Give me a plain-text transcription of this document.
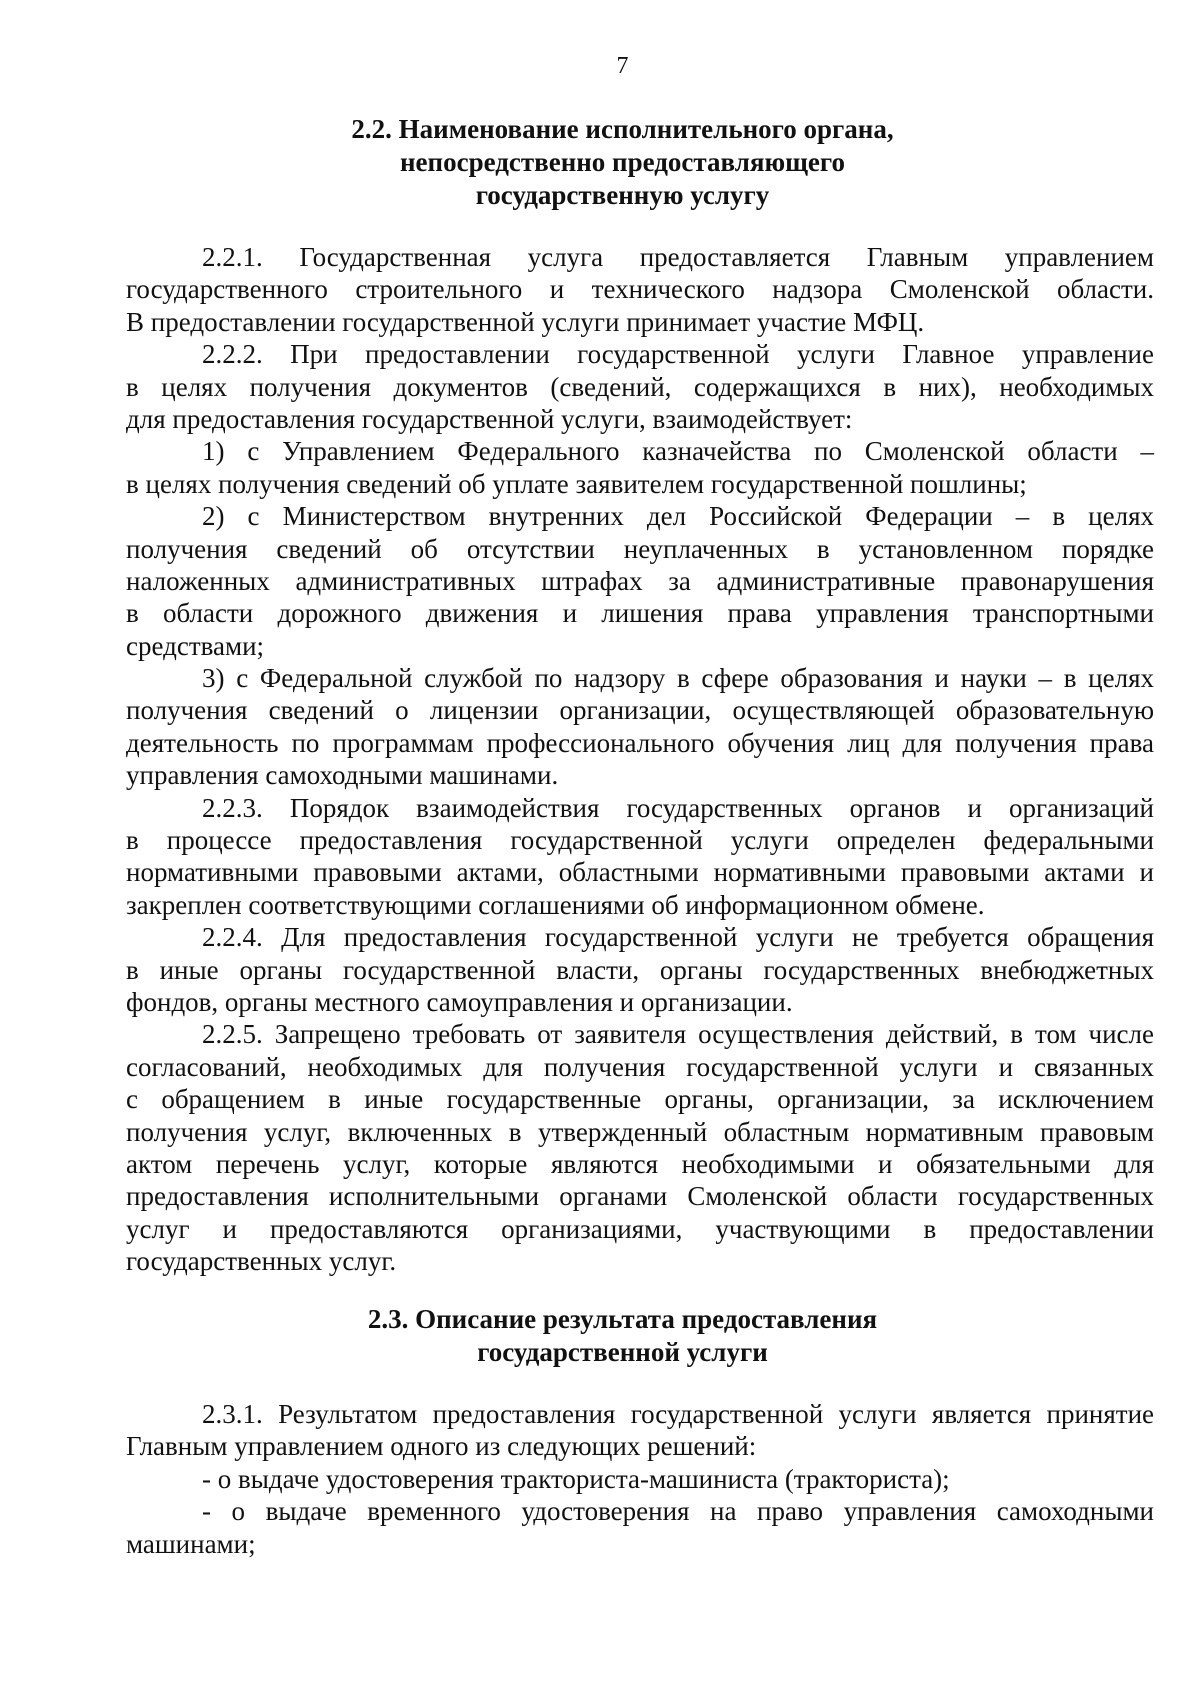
7
2.2. Наименование исполнительного органа,
непосредственно предоставляющего
государственную услугу
2.2.1. Государственная услуга предоставляется Главным управлением
государственного строительного и технического надзора Смоленской области.
В предоставлении государственной услуги принимает участие МФЦ.
2.2.2. При предоставлении государственной услуги Главное управление
в целях получения документов (сведений, содержащихся в них), необходимых
для предоставления государственной услуги, взаимодействует:
1) с Управлением Федерального казначейства по Смоленской области –
в целях получения сведений об уплате заявителем государственной пошлины;
2) с Министерством внутренних дел Российской Федерации – в целях
получения сведений об отсутствии неуплаченных в установленном порядке
наложенных административных штрафах за административные правонарушения
в области дорожного движения и лишения права управления транспортными
средствами;
3) с Федеральной службой по надзору в сфере образования и науки – в целях
получения сведений о лицензии организации, осуществляющей образовательную
деятельность по программам профессионального обучения лиц для получения права
управления самоходными машинами.
2.2.3. Порядок взаимодействия государственных органов и организаций
в процессе предоставления государственной услуги определен федеральными
нормативными правовыми актами, областными нормативными правовыми актами и
закреплен соответствующими соглашениями об информационном обмене.
2.2.4. Для предоставления государственной услуги не требуется обращения
в иные органы государственной власти, органы государственных внебюджетных
фондов, органы местного самоуправления и организации.
2.2.5. Запрещено требовать от заявителя осуществления действий, в том числе
согласований, необходимых для получения государственной услуги и связанных
с обращением в иные государственные органы, организации, за исключением
получения услуг, включенных в утвержденный областным нормативным правовым
актом перечень услуг, которые являются необходимыми и обязательными для
предоставления исполнительными органами Смоленской области государственных
услуг и предоставляются организациями, участвующими в предоставлении
государственных услуг.
2.3. Описание результата предоставления
государственной услуги
2.3.1. Результатом предоставления государственной услуги является принятие
Главным управлением одного из следующих решений:
- о выдаче удостоверения тракториста-машиниста (тракториста);
- о выдаче временного удостоверения на право управления самоходными
машинами;
